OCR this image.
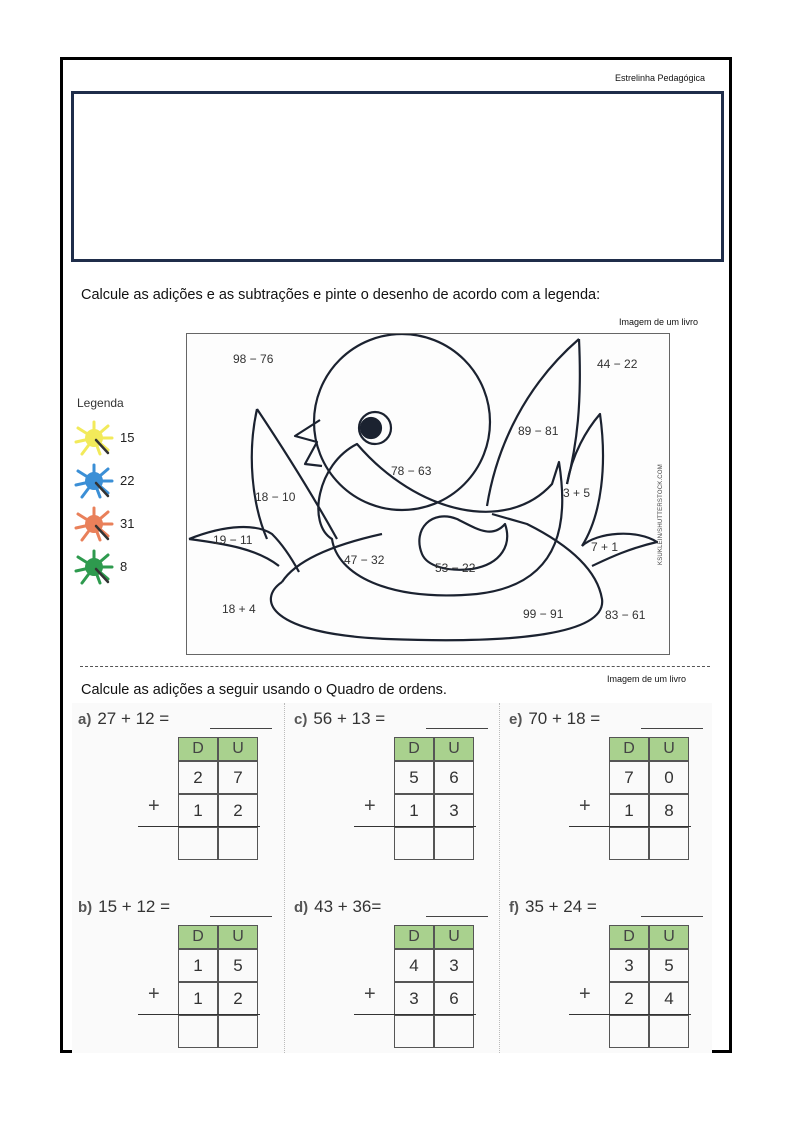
Estrelinha Pedagógica
Calcule as adições e as subtrações e pinte o desenho de acordo com a legenda:
Imagem de um livro
Legenda
15
22
31
8
98 − 76	44 − 22
89 − 81
78 − 63
18 − 10	3 + 5
19 − 11	7 + 1
47 − 32
53 − 22
18 + 4	99 − 91	83 − 61
KSUKLEIN/SHUTTERSTOCK.COM
Imagem de um livro
Calcule as adições a seguir usando o Quadro de ordens.
a) 27 + 12 =
D	U
2	7
1	2
+
b) 15 + 12 =
D	U
1	5
1	2
+
c) 56 + 13 =
D	U
5	6
1	3
+
d) 43 + 36=
D	U
4	3
3	6
+
e) 70 + 18 =
D	U
7	0
1	8
+
f) 35 + 24 =
D	U
3	5
2	4
+
